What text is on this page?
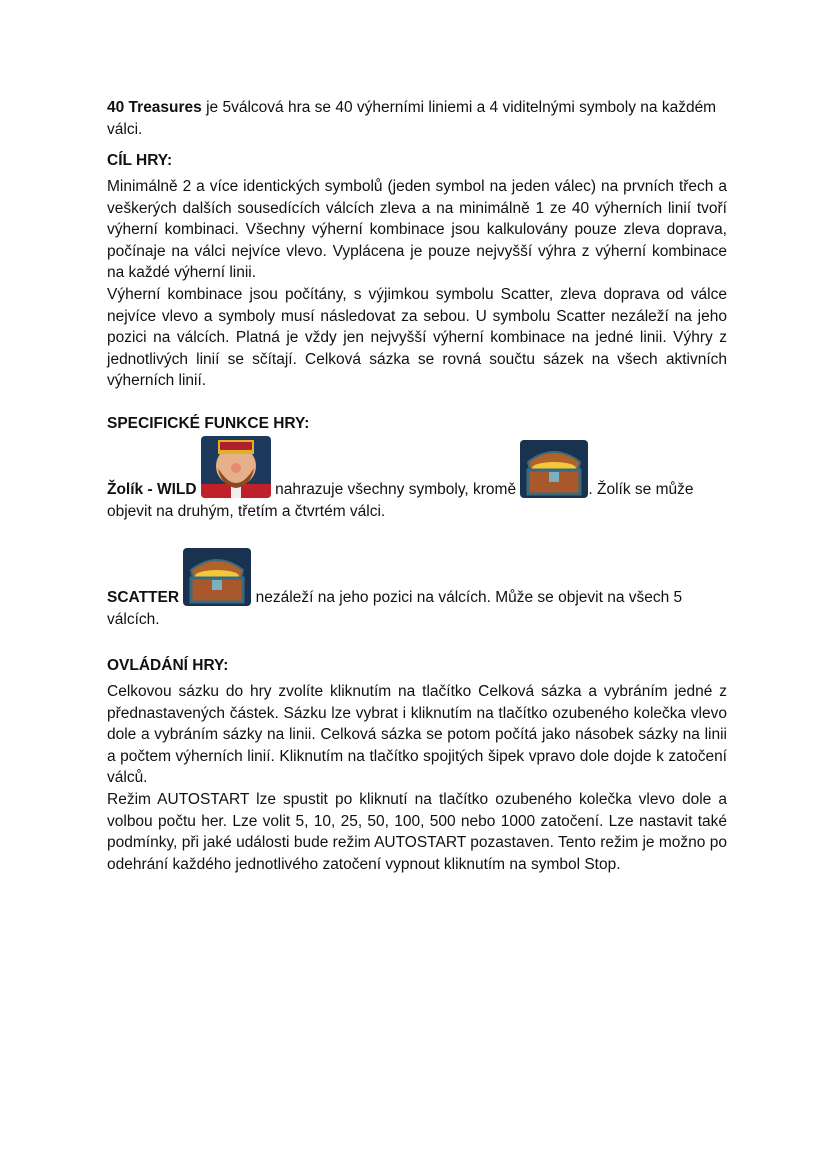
40 Treasures je 5válcová hra se 40 výherními liniemi a 4 viditelnými symboly na každém válci.
CÍL HRY:
Minimálně 2 a více identických symbolů (jeden symbol na jeden válec) na prvních třech a veškerých dalších sousedících válcích zleva a na minimálně 1 ze 40 výherních linií tvoří výherní kombinaci. Všechny výherní kombinace jsou kalkulovány pouze zleva doprava, počínaje na válci nejvíce vlevo. Vyplácena je pouze nejvyšší výhra z výherní kombinace na každé výherní linii.
Výherní kombinace jsou počítány, s výjimkou symbolu Scatter, zleva doprava od válce nejvíce vlevo a symboly musí následovat za sebou. U symbolu Scatter nezáleží na jeho pozici na válcích. Platná je vždy jen nejvyšší výherní kombinace na jedné linii. Výhry z jednotlivých linií se sčítají. Celková sázka se rovná součtu sázek na všech aktivních výherních linií.
SPECIFICKÉ FUNKCE HRY:
Žolík - WILD	nahrazuje všechny symboly, kromě	. Žolík se může
objevit na druhým, třetím a čtvrtém válci.
SCATTER	nezáleží na jeho pozici na válcích. Může se objevit na všech 5
válcích.
OVLÁDÁNÍ HRY:
Celkovou sázku do hry zvolíte kliknutím na tlačítko Celková sázka a vybráním jedné z přednastavených částek. Sázku lze vybrat i kliknutím na tlačítko ozubeného kolečka vlevo dole a vybráním sázky na linii. Celková sázka se potom počítá jako násobek sázky na linii a počtem výherních linií. Kliknutím na tlačítko spojitých šipek vpravo dole dojde k zatočení válců.
Režim AUTOSTART lze spustit po kliknutí na tlačítko ozubeného kolečka vlevo dole a volbou počtu her. Lze volit 5, 10, 25, 50, 100, 500 nebo 1000 zatočení. Lze nastavit také podmínky, při jaké události bude režim AUTOSTART pozastaven. Tento režim je možno po odehrání každého jednotlivého zatočení vypnout kliknutím na symbol Stop.
